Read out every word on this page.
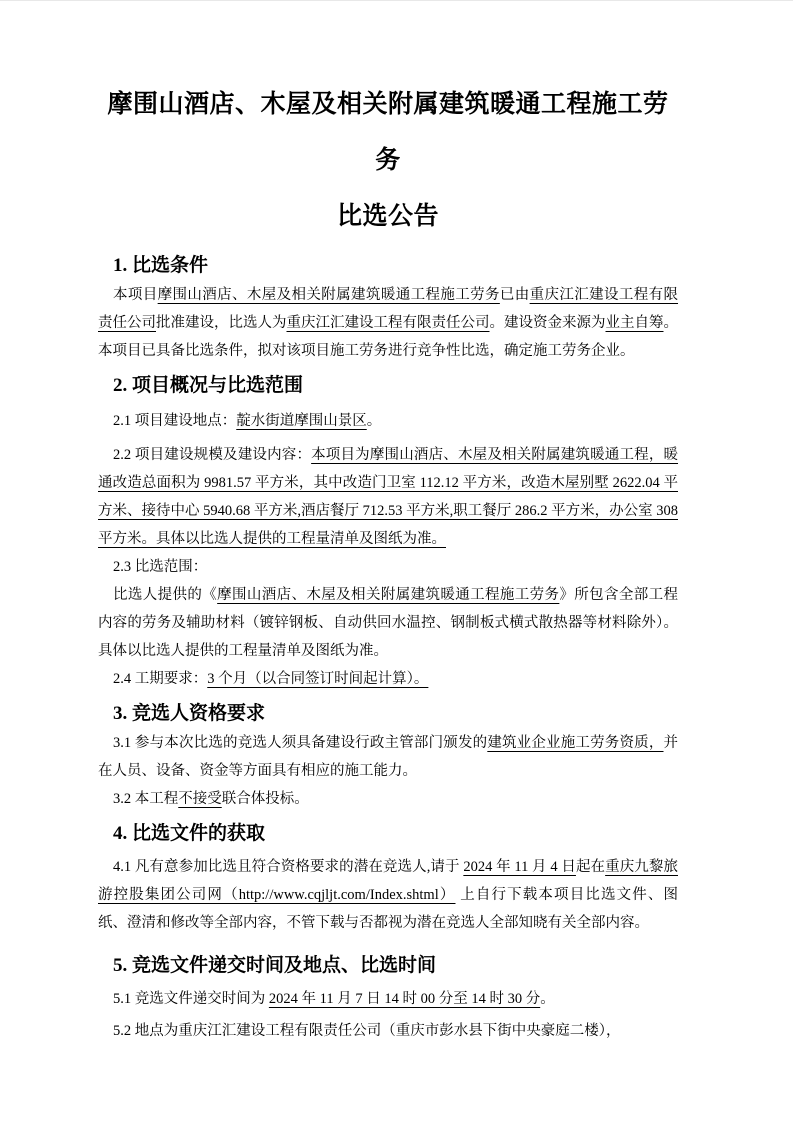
摩围山酒店、木屋及相关附属建筑暖通工程施工劳务
比选公告
1. 比选条件

本项目摩围山酒店、木屋及相关附属建筑暖通工程施工劳务已由重庆江汇建设工程有限责任公司批准建设，比选人为重庆江汇建设工程有限责任公司。建设资金来源为业主自筹。本项目已具备比选条件，拟对该项目施工劳务进行竞争性比选，确定施工劳务企业。

2. 项目概况与比选范围

2.1 项目建设地点：靛水街道摩围山景区。

2.2 项目建设规模及建设内容：本项目为摩围山酒店、木屋及相关附属建筑暖通工程，暖通改造总面积为 9981.57 平方米，其中改造门卫室 112.12 平方米，改造木屋别墅 2622.04 平方米、接待中心 5940.68 平方米,酒店餐厅 712.53 平方米,职工餐厅 286.2 平方米，办公室 308 平方米。具体以比选人提供的工程量清单及图纸为准。

2.3 比选范围：

比选人提供的《摩围山酒店、木屋及相关附属建筑暖通工程施工劳务》所包含全部工程内容的劳务及辅助材料（镀锌钢板、自动供回水温控、钢制板式横式散热器等材料除外）。具体以比选人提供的工程量清单及图纸为准。

2.4 工期要求：3 个月（以合同签订时间起计算）。

3. 竞选人资格要求

3.1 参与本次比选的竞选人须具备建设行政主管部门颁发的建筑业企业施工劳务资质，并在人员、设备、资金等方面具有相应的施工能力。

3.2 本工程不接受联合体投标。

4. 比选文件的获取

4.1 凡有意参加比选且符合资格要求的潜在竞选人,请于 2024 年 11 月 4 日起在重庆九黎旅游控股集团公司网（http://www.cqjljt.com/Index.shtml） 上自行下载本项目比选文件、图纸、澄清和修改等全部内容，不管下载与否都视为潜在竞选人全部知晓有关全部内容。

5. 竞选文件递交时间及地点、比选时间

5.1 竞选文件递交时间为 2024 年 11 月 7 日 14 时 00 分至 14 时 30 分。

5.2 地点为重庆江汇建设工程有限责任公司（重庆市彭水县下街中央豪庭二楼），
